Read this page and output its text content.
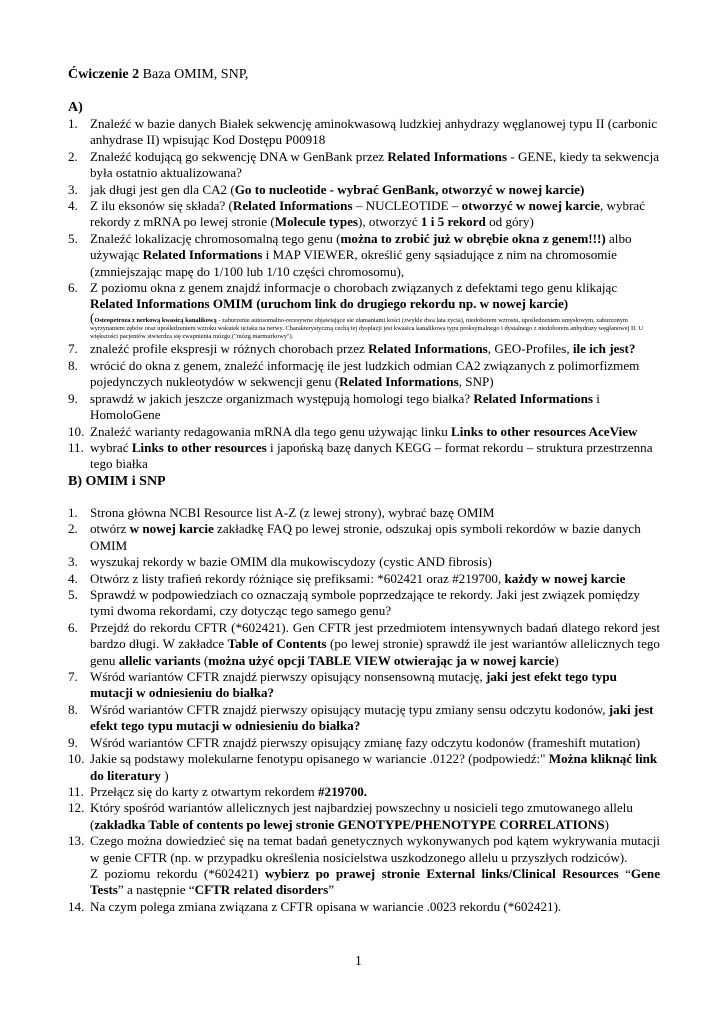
Ćwiczenie 2 Baza OMIM, SNP,
A)
1. Znaleźć w bazie danych Białek sekwencję aminokwasową ludzkiej anhydrazy węglanowej typu II (carbonic anhydrase II) wpisując Kod Dostępu P00918
2. Znaleźć kodującą go sekwencję DNA w GenBank przez Related Informations - GENE, kiedy ta sekwencja była ostatnio aktualizowana?
3. jak długi jest gen dla CA2 (Go to nucleotide - wybrać GenBank, otworzyć w nowej karcie)
4. Z ilu eksonów się składa? (Related Informations – NUCLEOTIDE – otworzyć w nowej karcie, wybrać rekordy z mRNA po lewej stronie (Molecule types), otworzyć 1 i 5 rekord od góry)
5. Znaleźć lokalizację chromosomalną tego genu (można to zrobić już w obrębie okna z genem!!!) albo używając Related Informations i MAP VIEWER, określić geny sąsiadujące z nim na chromosomie (zmniejszając mapę do 1/100 lub 1/10 części chromosomu),
6. Z poziomu okna z genem znajdź informacje o chorobach związanych z defektami tego genu klikając Related Informations OMIM (uruchom link do drugiego rekordu np. w nowej karcie)
(Osteopetroza z nerkową kwasicą kanalikową - zaburzenie autosomalno-recesywne objawiające sie złamaniami kości (zwykle dwa lata życia), niedoborem wzrostu, upośledzeniem umysłowym, zaburzonym wyrzynaniem zębów oraz upośledzeniem wzroku wskutek ucisku na nerwy. Charakterystyczną cechą tej dysplazji jest kwasica kanalikowa typu proksymalnego i dystalnego z niedoborem anhydrazy węglanowej II. U większości pacjentów stwierdza się zwapnienia mózgu ("mózg marmurkowy").
7. znaleźć profile ekspresji w różnych chorobach przez Related Informations, GEO-Profiles, ile ich jest?
8. wrócić do okna z genem, znaleźć informację ile jest ludzkich odmian CA2 związanych z polimorfizmem pojedynczych nukleotydów w sekwencji genu (Related Informations, SNP)
9. sprawdź w jakich jeszcze organizmach występują homologi tego białka? Related Informations i HomoloGene
10. Znaleźć warianty redagowania mRNA dla tego genu używając linku Links to other resources AceView
11. wybrać Links to other resources i japońską bazę danych KEGG – format rekordu – struktura przestrzenna tego białka
B) OMIM i SNP
1. Strona główna NCBI Resource list A-Z (z lewej strony), wybrać bazę OMIM
2. otwórz w nowej karcie zakładkę FAQ po lewej stronie, odszukaj opis symboli rekordów w bazie danych OMIM
3. wyszukaj rekordy w bazie OMIM dla mukowiscydozy (cystic AND fibrosis)
4. Otwórz z listy trafień rekordy różniące się prefiksami: *602421 oraz #219700, każdy w nowej karcie
5. Sprawdź w podpowiedziach co oznaczają symbole poprzedzające te rekordy. Jaki jest związek pomiędzy tymi dwoma rekordami, czy dotycząc tego samego genu?
6. Przejdź do rekordu CFTR (*602421). Gen CFTR jest przedmiotem intensywnych badań dlatego rekord jest bardzo długi. W zakładce Table of Contents (po lewej stronie) sprawdź ile jest wariantów allelicznych tego genu allelic variants (można użyć opcji TABLE VIEW otwierając ja w nowej karcie)
7. Wśród wariantów CFTR znajdź pierwszy opisujący nonsensowną mutację, jaki jest efekt tego typu mutacji w odniesieniu do białka?
8. Wśród wariantów CFTR znajdź pierwszy opisujący mutację typu zmiany sensu odczytu kodonów, jaki jest efekt tego typu mutacji w odniesieniu do białka?
9. Wśród wariantów CFTR znajdź pierwszy opisujący zmianę fazy odczytu kodonów (frameshift mutation)
10. Jakie są podstawy molekularne fenotypu opisanego w wariancie .0122? (podpowiedź:" Można kliknąć link do literatury )
11. Przełącz się do karty z otwartym rekordem #219700.
12. Który spośród wariantów allelicznych jest najbardziej powszechny u nosicieli tego zmutowanego allelu (zakładka Table of contents po lewej stronie GENOTYPE/PHENOTYPE CORRELATIONS)
13. Czego można dowiedzieć się na temat badań genetycznych wykonywanych pod kątem wykrywania mutacji w genie CFTR (np. w przypadku określenia nosicielstwa uszkodzonego allelu u przyszłych rodziców).
Z poziomu rekordu (*602421) wybierz po prawej stronie External links/Clinical Resources “Gene Tests” a następnie “CFTR related disorders”
14. Na czym polega zmiana związana z CFTR opisana w wariancie .0023 rekordu (*602421).
1
